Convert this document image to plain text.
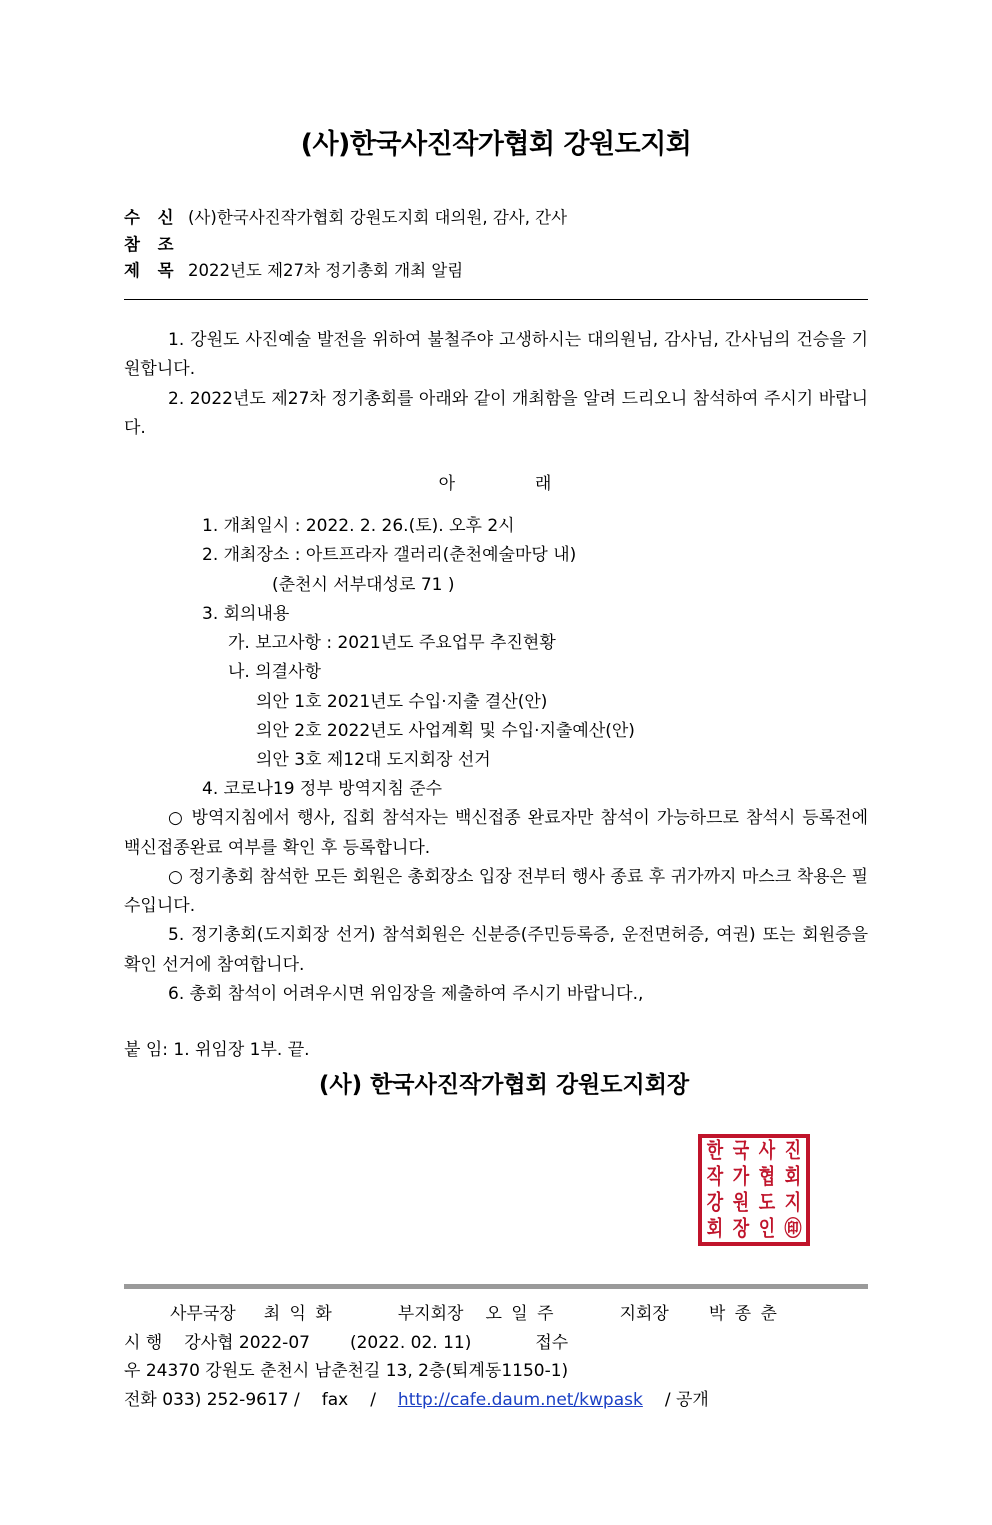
(사)한국사진작가협회 강원도지회
수 신 (사)한국사진작가협회 강원도지회 대의원, 감사, 간사
참 조
제 목 2022년도 제27차 정기총회 개최 알림
1. 강원도 사진예술 발전을 위하여 불철주야 고생하시는 대의원님, 감사님, 간사님의 건승을 기원합니다.
2. 2022년도 제27차 정기총회를 아래와 같이 개최함을 알려 드리오니 참석하여 주시기 바랍니다.
아	래
1. 개최일시 : 2022. 2. 26.(토). 오후 2시
2. 개최장소 : 아트프라자 갤러리(춘천예술마당 내)
(춘천시 서부대성로 71 )
3. 회의내용
가. 보고사항 : 2021년도 주요업무 추진현황
나. 의결사항
의안 1호 2021년도 수입·지출 결산(안)
의안 2호 2022년도 사업계획 및 수입·지출예산(안)
의안 3호 제12대 도지회장 선거
4. 코로나19 정부 방역지침 준수
○ 방역지침에서 행사, 집회 참석자는 백신접종 완료자만 참석이 가능하므로 참석시 등록전에 백신접종완료 여부를 확인 후 등록합니다.
○ 정기총회 참석한 모든 회원은 총회장소 입장 전부터 행사 종료 후 귀가까지 마스크 착용은 필수입니다.
5. 정기총회(도지회장 선거) 참석회원은 신분증(주민등록증, 운전면허증, 여권) 또는 회원증을 확인 선거에 참여합니다.
6. 총회 참석이 어려우시면 위임장을 제출하여 주시기 바랍니다.,
붙 임: 1. 위임장 1부. 끝.
(사) 한국사진작가협회 강원도지회장
한 국 사 진
작 가 협 회
강 원 도 지
회 장 인 ㊞
사무국장 최 익 화	부지회장 오 일 주	지회장 박 종 춘
시 행 강사협 2022-07 (2022. 02. 11)	접수
우 24370 강원도 춘천시 남춘천길 13, 2층(퇴계동1150-1)
전화 033) 252-9617 / fax / http://cafe.daum.net/kwpask / 공개
